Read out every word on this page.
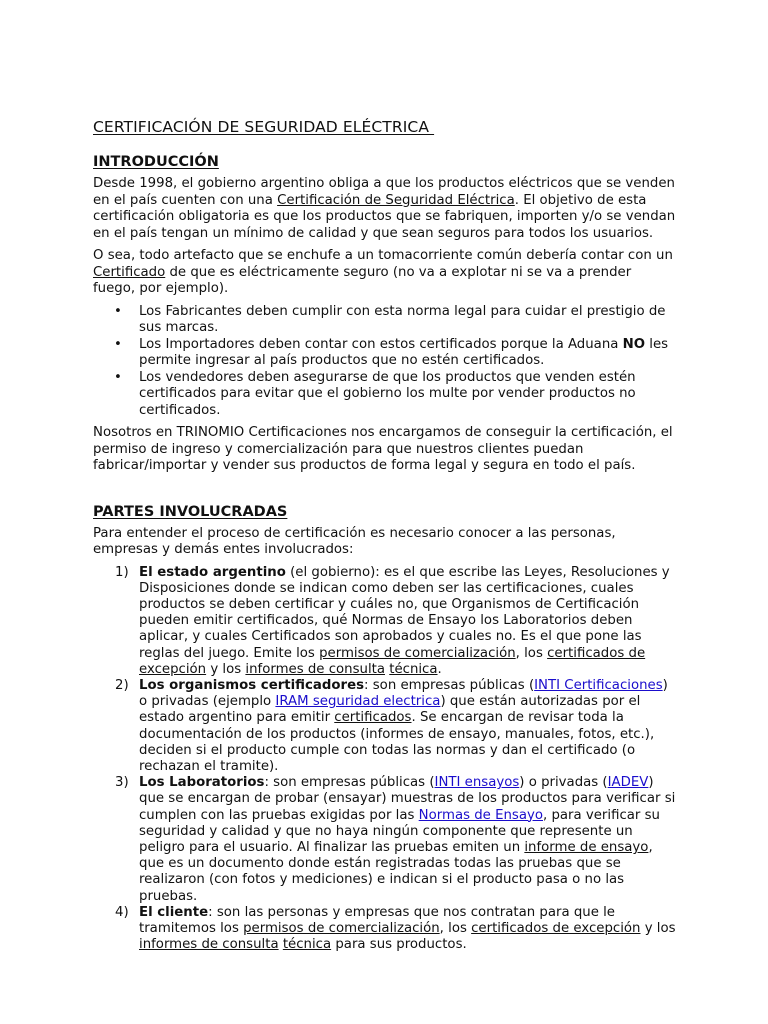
CERTIFICACIÓN DE SEGURIDAD ELÉCTRICA
INTRODUCCIÓN

Desde 1998, el gobierno argentino obliga a que los productos eléctricos que se venden en el país cuenten con una Certificación de Seguridad Eléctrica. El objetivo de esta certificación obligatoria es que los productos que se fabriquen, importen y/o se vendan en el país tengan un mínimo de calidad y que sean seguros para todos los usuarios.

O sea, todo artefacto que se enchufe a un tomacorriente común debería contar con un Certificado de que es eléctricamente seguro (no va a explotar ni se va a prender fuego, por ejemplo).

• Los Fabricantes deben cumplir con esta norma legal para cuidar el prestigio de sus marcas.
• Los Importadores deben contar con estos certificados porque la Aduana NO les permite ingresar al país productos que no estén certificados.
• Los vendedores deben asegurarse de que los productos que venden estén certificados para evitar que el gobierno los multe por vender productos no certificados.

Nosotros en TRINOMIO Certificaciones nos encargamos de conseguir la certificación, el permiso de ingreso y comercialización para que nuestros clientes puedan fabricar/importar y vender sus productos de forma legal y segura en todo el país.

PARTES INVOLUCRADAS

Para entender el proceso de certificación es necesario conocer a las personas, empresas y demás entes involucrados:

1) El estado argentino (el gobierno): es el que escribe las Leyes, Resoluciones y Disposiciones donde se indican como deben ser las certificaciones, cuales productos se deben certificar y cuáles no, que Organismos de Certificación pueden emitir certificados, qué Normas de Ensayo los Laboratorios deben aplicar, y cuales Certificados son aprobados y cuales no. Es el que pone las reglas del juego. Emite los permisos de comercialización, los certificados de excepción y los informes de consulta técnica.
2) Los organismos certificadores: son empresas públicas (INTI Certificaciones) o privadas (ejemplo IRAM seguridad electrica) que están autorizadas por el estado argentino para emitir certificados. Se encargan de revisar toda la documentación de los productos (informes de ensayo, manuales, fotos, etc.), deciden si el producto cumple con todas las normas y dan el certificado (o rechazan el tramite).
3) Los Laboratorios: son empresas públicas (INTI ensayos) o privadas (IADEV) que se encargan de probar (ensayar) muestras de los productos para verificar si cumplen con las pruebas exigidas por las Normas de Ensayo, para verificar su seguridad y calidad y que no haya ningún componente que represente un peligro para el usuario. Al finalizar las pruebas emiten un informe de ensayo, que es un documento donde están registradas todas las pruebas que se realizaron (con fotos y mediciones) e indican si el producto pasa o no las pruebas.
4) El cliente: son las personas y empresas que nos contratan para que le tramitemos los permisos de comercialización, los certificados de excepción y los informes de consulta técnica para sus productos.
